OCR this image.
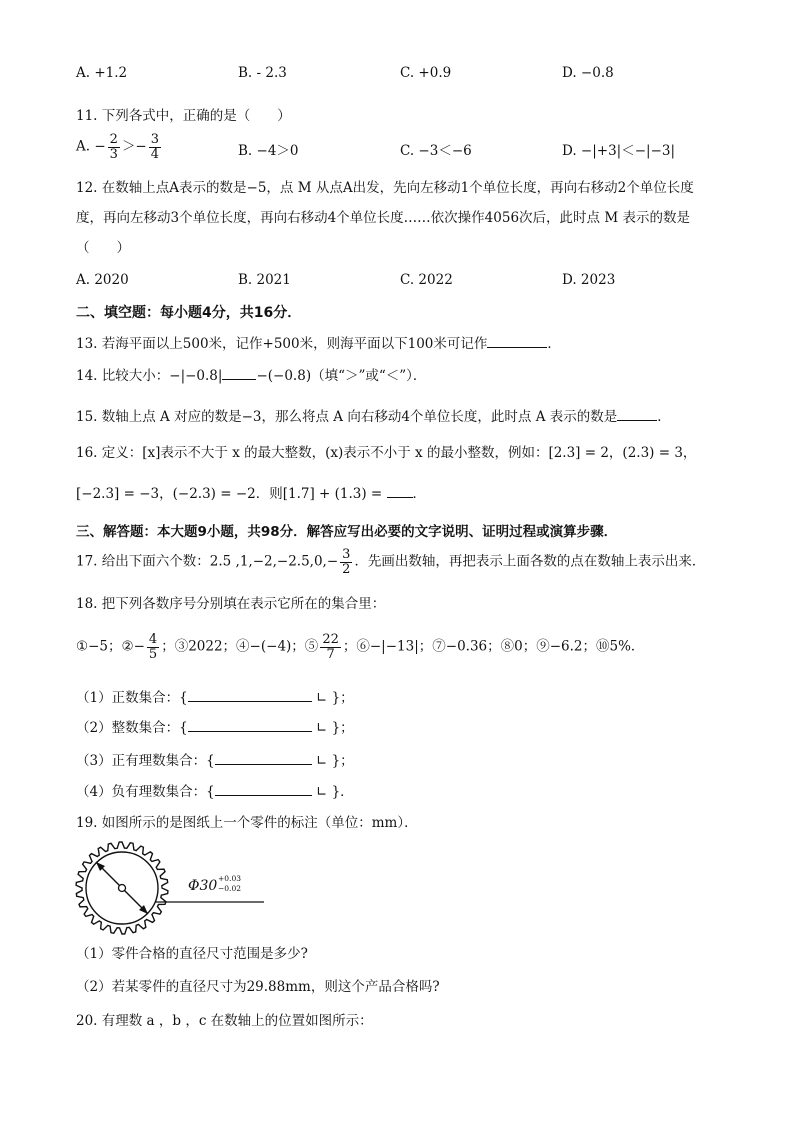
A. +1.2	B. - 2.3	C. +0.9	D. −0.8
11. 下列各式中，正确的是（　　）
A. − $\frac{2}{3} >- \frac{3}{4}$	B. −4＞0	C. −3＜−6	D. −|+3|＜−|−3|
12. 在数轴上点A表示的数是−5，点 M 从点A出发，先向左移动1个单位长度，再向右移动2个单位长度
度，再向左移动3个单位长度，再向右移动4个单位长度……依次操作4056次后，此时点 M 表示的数是
（　　）
A. 2020	B. 2021	C. 2022	D. 2023
二、填空题：每小题4分，共16分．
13. 若海平面以上500米，记作+500米，则海平面以下100米可记作	．
14. 比较大小：−|−0.8|	−(−0.8)（填“＞”或“＜”）．
15. 数轴上点 A 对应的数是−3，那么将点 A 向右移动4个单位长度，此时点 A 表示的数是	．
16. 定义：[x]表示不大于 x 的最大整数，(x)表示不小于 x 的最小整数，例如：[2.3] = 2，(2.3) = 3，
[−2.3] = −3，(−2.3) = −2．则[1.7] + (1.3) = ．
三、解答题：本大题9小题，共98分．解答应写出必要的文字说明、证明过程或演算步骤．
17. 给出下面六个数：2.5 $,1,-2,-2.5,0,- \frac{3}{2}$ ．先画出数轴，再把表示上面各数的点在数轴上表示出来．
18. 把下列各数序号分别填在表示它所在的集合里：
①−5；②− $\frac{4}{5}$ ；③2022；④−(−4)；⑤ $\frac{22}{7}$ ；⑥−|−13|；⑦−0.36；⑧0；⑨−6.2；⑩5%．
（1）正数集合：{	∟ }；
（2）整数集合：{	∟ }；
（3）正有理数集合：{	∟ }；
（4）负有理数集合：{	∟ }．
19. 如图所示的是图纸上一个零件的标注（单位：mm）．
Φ30 +0.03
−0.02
（1）零件合格的直径尺寸范围是多少?
（2）若某零件的直径尺寸为29.88mm，则这个产品合格吗?
20. 有理数 a ，b ，c 在数轴上的位置如图所示：
